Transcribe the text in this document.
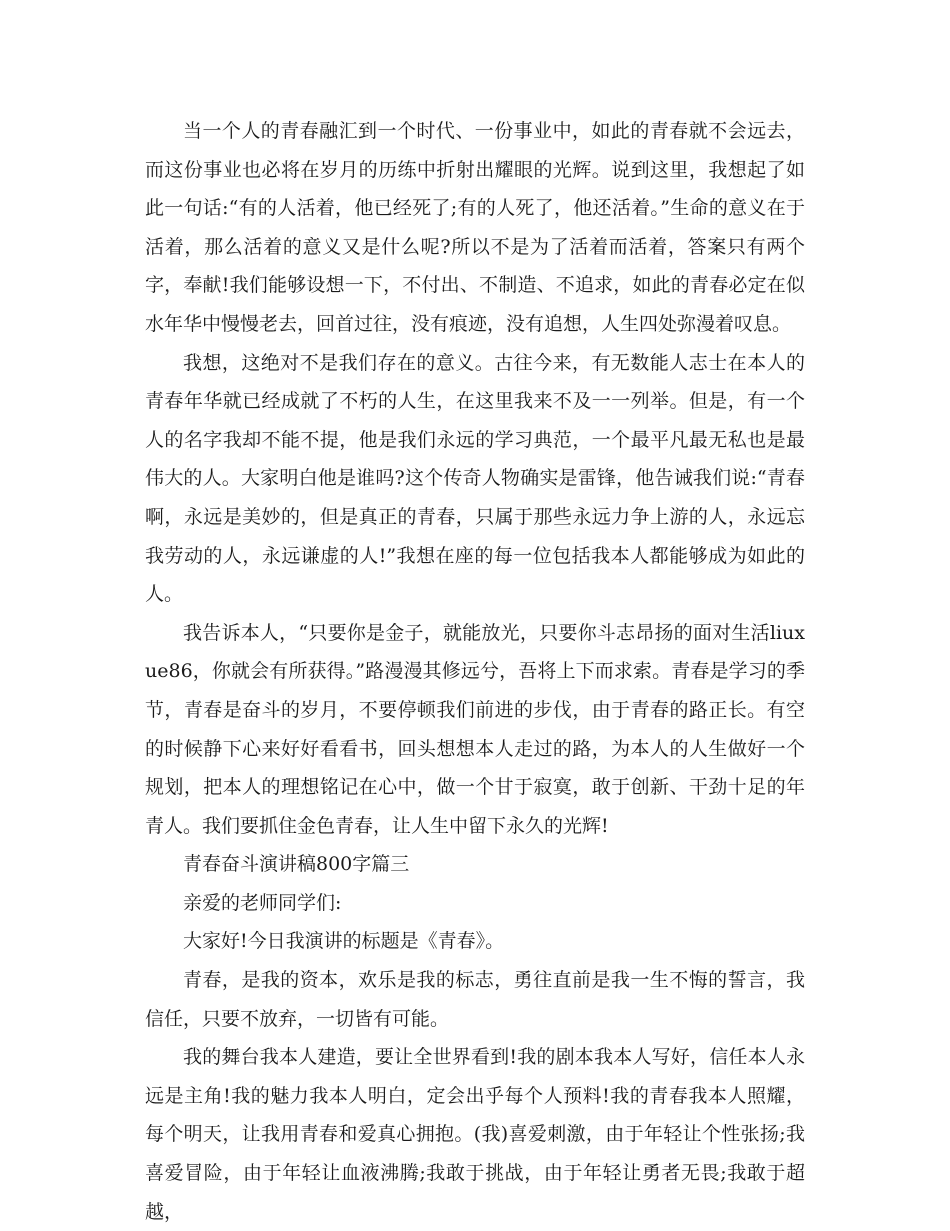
当一个人的青春融汇到一个时代、一份事业中，如此的青春就不会远去，而这份事业也必将在岁月的历练中折射出耀眼的光辉。说到这里，我想起了如此一句话:“有的人活着，他已经死了;有的人死了，他还活着。”生命的意义在于活着，那么活着的意义又是什么呢?所以不是为了活着而活着，答案只有两个字，奉献!我们能够设想一下，不付出、不制造、不追求，如此的青春必定在似水年华中慢慢老去，回首过往，没有痕迹，没有追想，人生四处弥漫着叹息。

我想，这绝对不是我们存在的意义。古往今来，有无数能人志士在本人的青春年华就已经成就了不朽的人生，在这里我来不及一一列举。但是，有一个人的名字我却不能不提，他是我们永远的学习典范，一个最平凡最无私也是最伟大的人。大家明白他是谁吗?这个传奇人物确实是雷锋，他告诫我们说:“青春啊，永远是美妙的，但是真正的青春，只属于那些永远力争上游的人，永远忘我劳动的人，永远谦虚的人!”我想在座的每一位包括我本人都能够成为如此的人。

我告诉本人，“只要你是金子，就能放光，只要你斗志昂扬的面对生活liuxue86，你就会有所获得。”路漫漫其修远兮，吾将上下而求索。青春是学习的季节，青春是奋斗的岁月，不要停顿我们前进的步伐，由于青春的路正长。有空的时候静下心来好好看看书，回头想想本人走过的路，为本人的人生做好一个规划，把本人的理想铭记在心中，做一个甘于寂寞，敢于创新、干劲十足的年青人。我们要抓住金色青春，让人生中留下永久的光辉!

青春奋斗演讲稿800字篇三

亲爱的老师同学们:

大家好!今日我演讲的标题是《青春》。

青春，是我的资本，欢乐是我的标志，勇往直前是我一生不悔的誓言，我信任，只要不放弃，一切皆有可能。

我的舞台我本人建造，要让全世界看到!我的剧本我本人写好，信任本人永远是主角!我的魅力我本人明白，定会出乎每个人预料!我的青春我本人照耀，每个明天，让我用青春和爱真心拥抱。(我)喜爱刺激，由于年轻让个性张扬;我喜爱冒险，由于年轻让血液沸腾;我敢于挑战，由于年轻让勇者无畏;我敢于超越，
